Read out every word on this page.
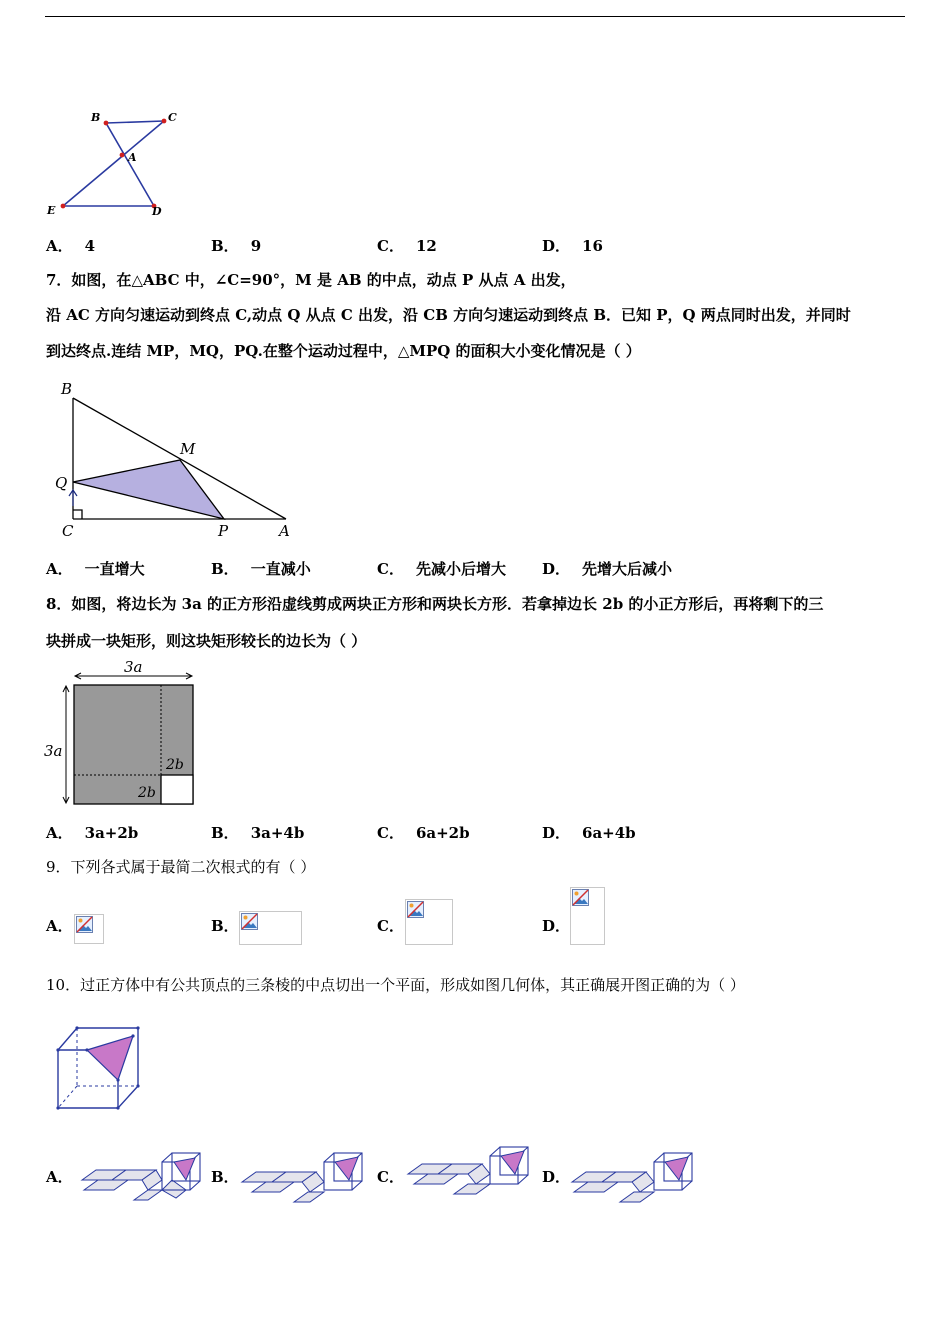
B	C
A
E	D
A． 4	B． 9	C． 12	D． 16
7．如图，在△ABC 中，∠C=90°，M 是 AB 的中点，动点 P 从点 A 出发，
沿 AC 方向匀速运动到终点 C,动点 Q 从点 C 出发，沿 CB 方向匀速运动到终点 B．已知 P，Q 两点同时出发，并同时
到达终点.连结 MP，MQ，PQ.在整个运动过程中，△MPQ 的面积大小变化情况是（ ）
B
M
Q
C	P	A
A． 一直增大	B． 一直减小	C． 先减小后增大 D． 先增大后减小
8．如图，将边长为 3a 的正方形沿虚线剪成两块正方形和两块长方形．若拿掉边长 2b 的小正方形后，再将剩下的三
块拼成一块矩形，则这块矩形较长的边长为（ ）
3a
3a
2b
2b
A． 3a+2b	B． 3a+4b	C． 6a+2b	D． 6a+4b
9．下列各式属于最简二次根式的有（ ）
A．	B．	C．	D．
10．过正方体中有公共顶点的三条棱的中点切出一个平面，形成如图几何体，其正确展开图正确的为（ ）
A．	B．	C．	D．
